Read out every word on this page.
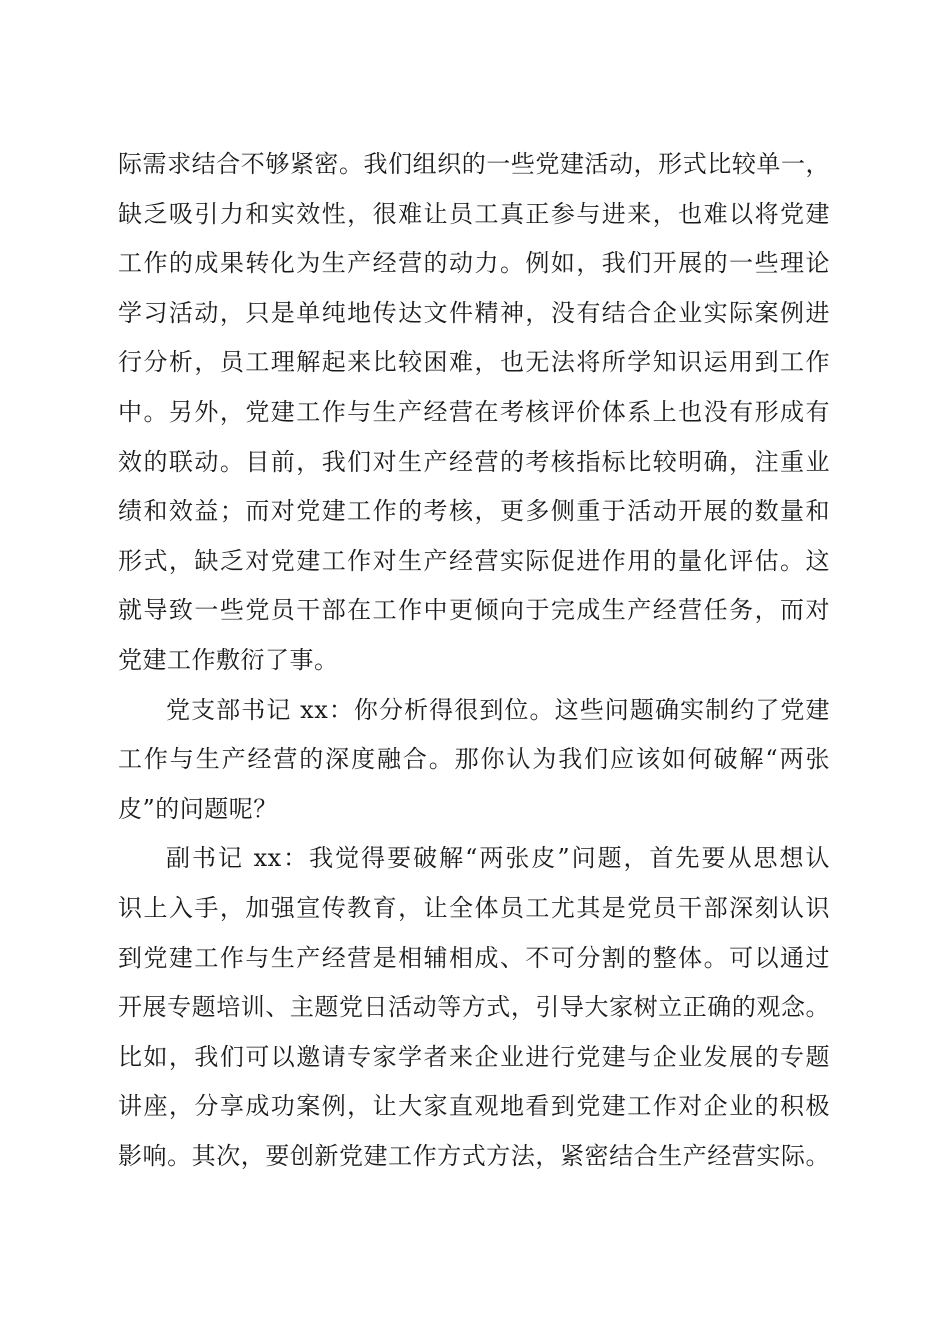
际需求结合不够紧密。我们组织的一些党建活动，形式比较单一，
缺乏吸引力和实效性，很难让员工真正参与进来，也难以将党建
工作的成果转化为生产经营的动力。例如，我们开展的一些理论
学习活动，只是单纯地传达文件精神，没有结合企业实际案例进
行分析，员工理解起来比较困难，也无法将所学知识运用到工作
中。另外，党建工作与生产经营在考核评价体系上也没有形成有
效的联动。目前，我们对生产经营的考核指标比较明确，注重业
绩和效益；而对党建工作的考核，更多侧重于活动开展的数量和
形式，缺乏对党建工作对生产经营实际促进作用的量化评估。这
就导致一些党员干部在工作中更倾向于完成生产经营任务，而对
党建工作敷衍了事。

党支部书记 xx：你分析得很到位。这些问题确实制约了党建
工作与生产经营的深度融合。那你认为我们应该如何破解“两张
皮”的问题呢？

副书记 xx：我觉得要破解“两张皮”问题，首先要从思想认
识上入手，加强宣传教育，让全体员工尤其是党员干部深刻认识
到党建工作与生产经营是相辅相成、不可分割的整体。可以通过
开展专题培训、主题党日活动等方式，引导大家树立正确的观念。
比如，我们可以邀请专家学者来企业进行党建与企业发展的专题
讲座，分享成功案例，让大家直观地看到党建工作对企业的积极
影响。其次，要创新党建工作方式方法，紧密结合生产经营实际。
